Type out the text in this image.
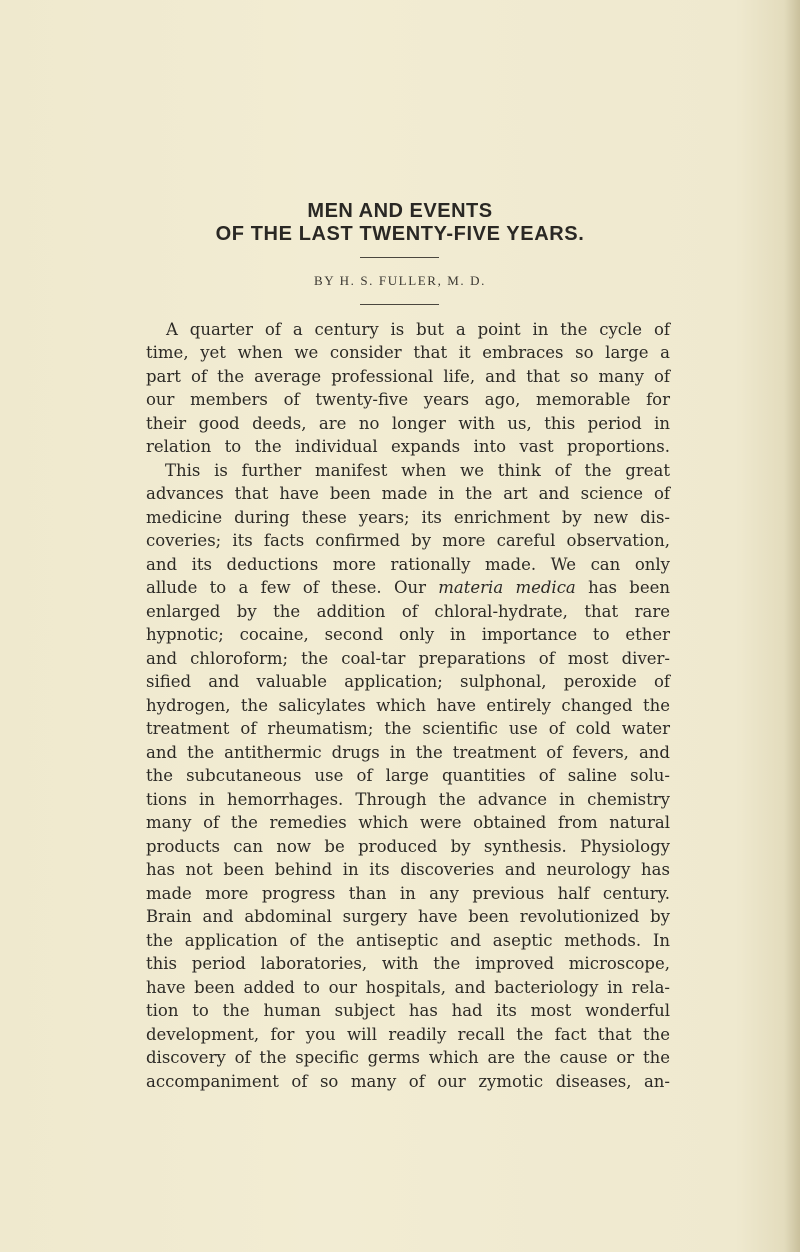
MEN AND EVENTS
OF THE LAST TWENTY-FIVE YEARS.
BY H. S. FULLER, M. D.
A quarter of a century is but a point in the cycle of
time, yet when we consider that it embraces so large a
part of the average professional life, and that so many of
our members of twenty-five years ago, memorable for
their good deeds, are no longer with us, this period in
relation to the individual expands into vast proportions.
This is further manifest when we think of the great
advances that have been made in the art and science of
medicine during these years; its enrichment by new dis-
coveries; its facts confirmed by more careful observation,
and its deductions more rationally made. We can only
allude to a few of these. Our materia medica has been
enlarged by the addition of chloral-hydrate, that rare
hypnotic; cocaine, second only in importance to ether
and chloroform; the coal-tar preparations of most diver-
sified and valuable application; sulphonal, peroxide of
hydrogen, the salicylates which have entirely changed the
treatment of rheumatism; the scientific use of cold water
and the antithermic drugs in the treatment of fevers, and
the subcutaneous use of large quantities of saline solu-
tions in hemorrhages. Through the advance in chemistry
many of the remedies which were obtained from natural
products can now be produced by synthesis. Physiology
has not been behind in its discoveries and neurology has
made more progress than in any previous half century.
Brain and abdominal surgery have been revolutionized by
the application of the antiseptic and aseptic methods. In
this period laboratories, with the improved microscope,
have been added to our hospitals, and bacteriology in rela-
tion to the human subject has had its most wonderful
development, for you will readily recall the fact that the
discovery of the specific germs which are the cause or the
accompaniment of so many of our zymotic diseases, an-
